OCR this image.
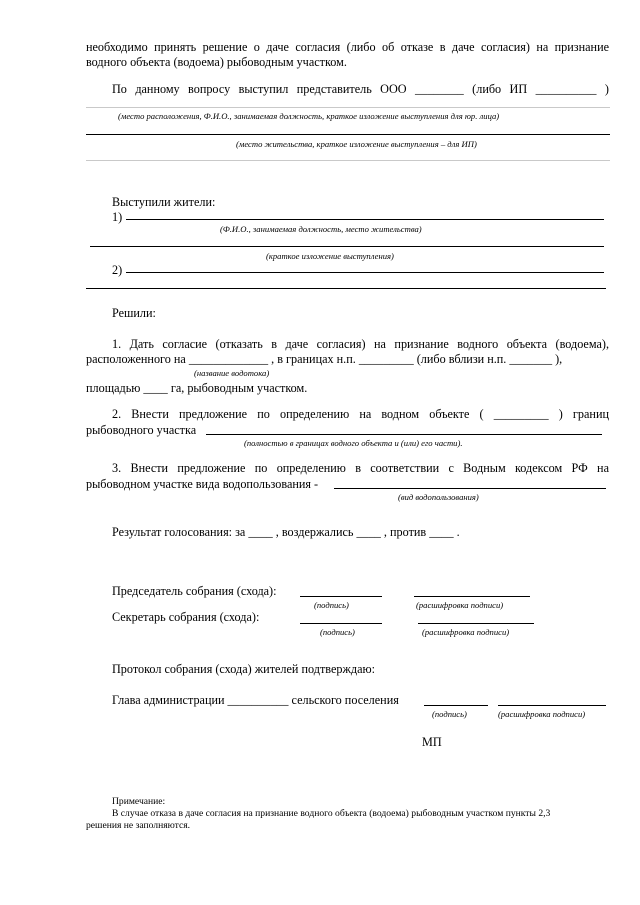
необходимо принять решение о даче согласия (либо об отказе в даче согласия) на признание
водного объекта (водоема) рыбоводным участком.
По данному вопросу выступил представитель ООО ________ (либо ИП __________ )
(место расположения, Ф.И.О., занимаемая должность, краткое изложение выступления для юр. лица)
(место жительства, краткое изложение выступления – для ИП)
Выступили жители:
1)
(Ф.И.О., занимаемая должность, место жительства)
(краткое изложение выступления)
2)
Решили:
1. Дать согласие (отказать в даче согласия) на признание водного объекта (водоема),
расположенного на _____________ , в границах н.п. _________ (либо вблизи н.п. _______ ),
(название водотока)
площадью ____ га, рыбоводным участком.
2. Внести предложение по определению на водном объекте ( _________ ) границ
рыбоводного участка
(полностью в границах водного объекта и (или) его части).
3. Внести предложение по определению в соответствии с Водным кодексом РФ на
рыбоводном участке вида водопользования -
(вид водопользования)
Результат голосования: за ____ , воздержались ____ , против ____ .
Председатель собрания (схода):
(подпись)	(расшифровка подписи)
Секретарь собрания (схода):
(подпись)	(расшифровка подписи)
Протокол собрания (схода) жителей подтверждаю:
Глава администрации __________ сельского поселения
(подпись)	(расшифровка подписи)
МП
Примечание:
В случае отказа в даче согласия на признание водного объекта (водоема) рыбоводным участком пункты 2,3
решения не заполняются.
